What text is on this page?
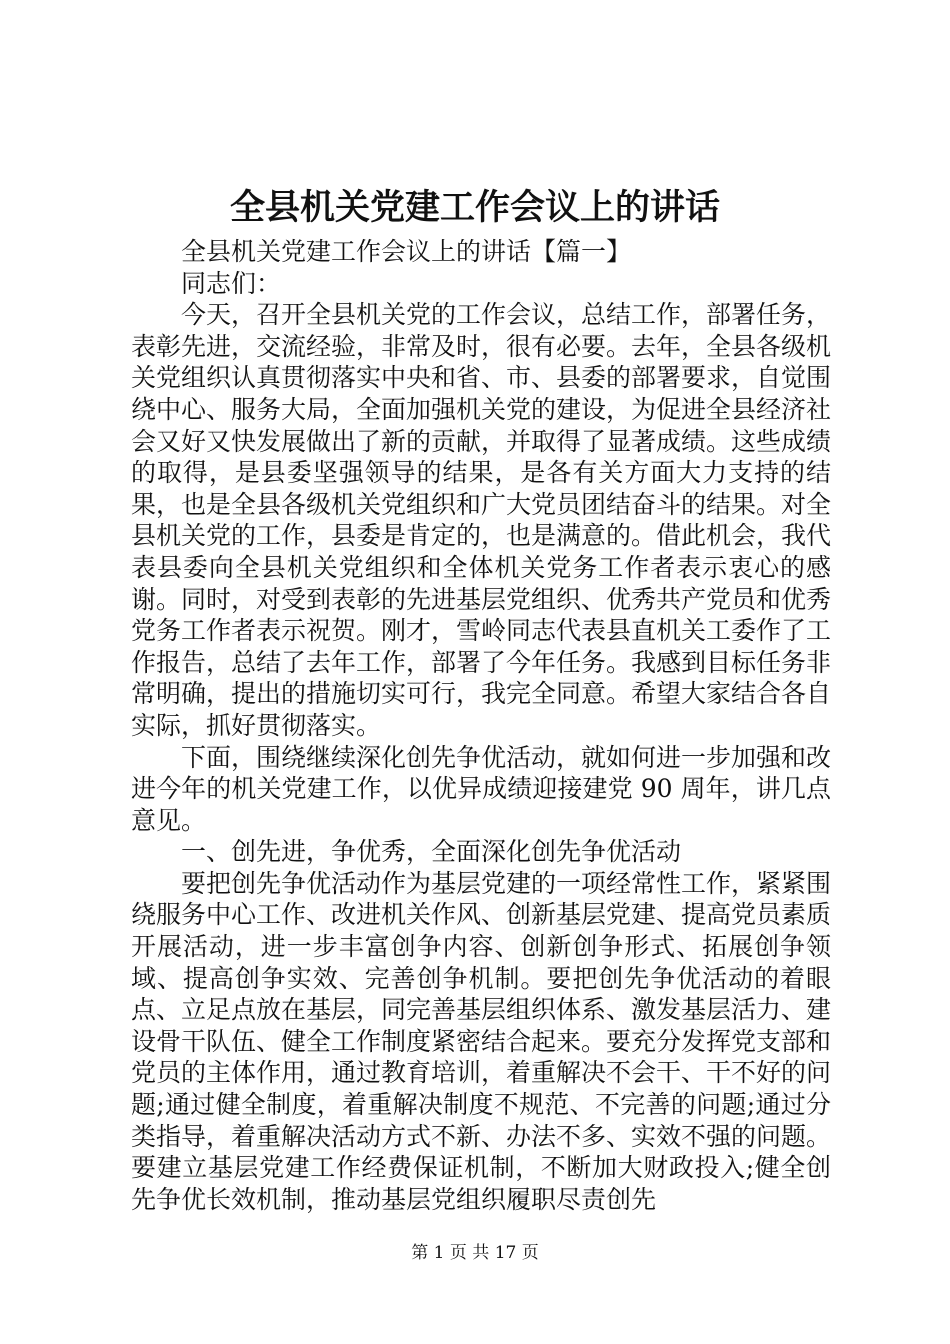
全县机关党建工作会议上的讲话

全县机关党建工作会议上的讲话【篇一】

同志们：

今天，召开全县机关党的工作会议，总结工作，部署任务，表彰先进，交流经验，非常及时，很有必要。去年，全县各级机关党组织认真贯彻落实中央和省、市、县委的部署要求，自觉围绕中心、服务大局，全面加强机关党的建设，为促进全县经济社会又好又快发展做出了新的贡献，并取得了显著成绩。这些成绩的取得，是县委坚强领导的结果，是各有关方面大力支持的结果，也是全县各级机关党组织和广大党员团结奋斗的结果。对全县机关党的工作，县委是肯定的，也是满意的。借此机会，我代表县委向全县机关党组织和全体机关党务工作者表示衷心的感谢。同时，对受到表彰的先进基层党组织、优秀共产党员和优秀党务工作者表示祝贺。刚才，雪岭同志代表县直机关工委作了工作报告，总结了去年工作，部署了今年任务。我感到目标任务非常明确，提出的措施切实可行，我完全同意。希望大家结合各自实际，抓好贯彻落实。

下面，围绕继续深化创先争优活动，就如何进一步加强和改进今年的机关党建工作，以优异成绩迎接建党 90 周年，讲几点意见。

一、创先进，争优秀，全面深化创先争优活动

要把创先争优活动作为基层党建的一项经常性工作，紧紧围绕服务中心工作、改进机关作风、创新基层党建、提高党员素质开展活动，进一步丰富创争内容、创新创争形式、拓展创争领域、提高创争实效、完善创争机制。要把创先争优活动的着眼点、立足点放在基层，同完善基层组织体系、激发基层活力、建设骨干队伍、健全工作制度紧密结合起来。要充分发挥党支部和党员的主体作用，通过教育培训，着重解决不会干、干不好的问题;通过健全制度，着重解决制度不规范、不完善的问题;通过分类指导，着重解决活动方式不新、办法不多、实效不强的问题。要建立基层党建工作经费保证机制，不断加大财政投入;健全创先争优长效机制，推动基层党组织履职尽责创先

第 1 页 共 17 页
